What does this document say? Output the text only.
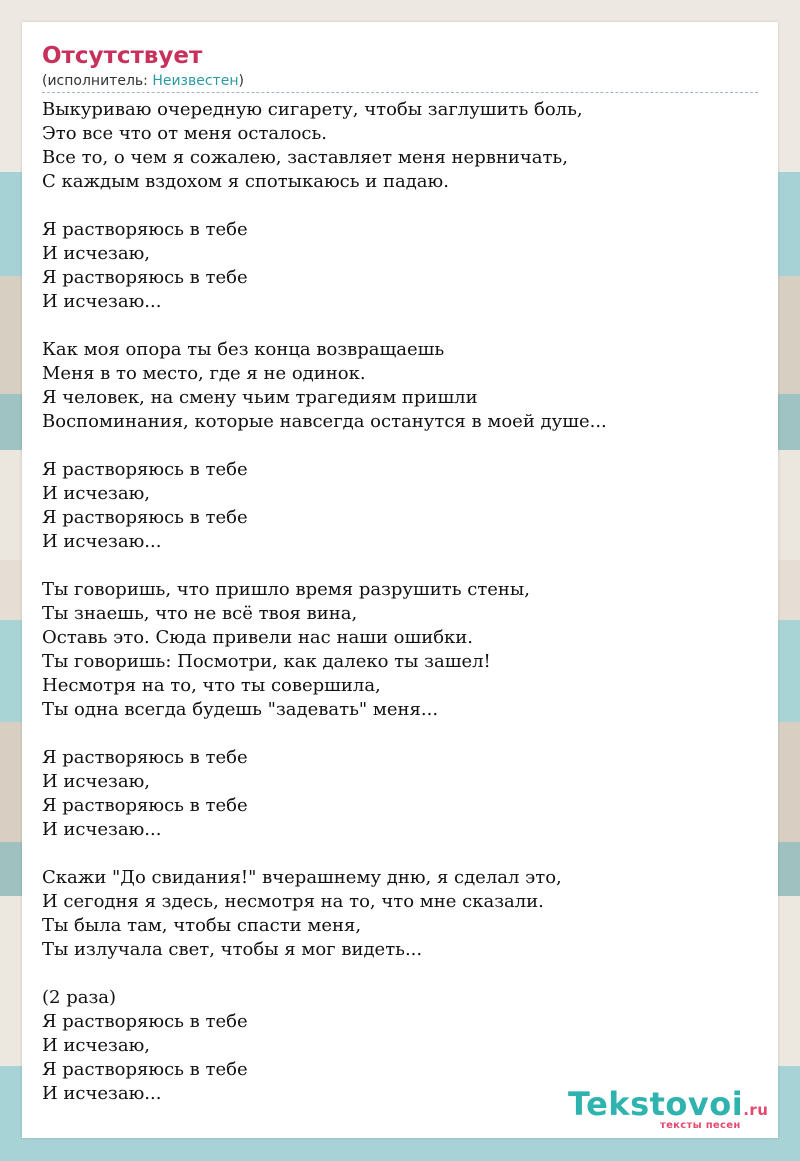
Отсутствует
(исполнитель: Неизвестен)
Выкуриваю очередную сигарету, чтобы заглушить боль,
Это все что от меня осталось.
Все то, о чем я сожалею, заставляет меня нервничать,
С каждым вздохом я спотыкаюсь и падаю.
Я растворяюсь в тебе
И исчезаю,
Я растворяюсь в тебе
И исчезаю...
Как моя опора ты без конца возвращаешь
Меня в то место, где я не одинок.
Я человек, на смену чьим трагедиям пришли
Воспоминания, которые навсегда останутся в моей душе...
Я растворяюсь в тебе
И исчезаю,
Я растворяюсь в тебе
И исчезаю...
Ты говоришь, что пришло время разрушить стены,
Ты знаешь, что не всё твоя вина,
Оставь это. Сюда привели нас наши ошибки.
Ты говоришь: Посмотри, как далеко ты зашел!
Несмотря на то, что ты совершила,
Ты одна всегда будешь "задевать" меня...
Я растворяюсь в тебе
И исчезаю,
Я растворяюсь в тебе
И исчезаю...
Скажи "До свидания!" вчерашнему дню, я сделал это,
И сегодня я здесь, несмотря на то, что мне сказали.
Ты была там, чтобы спасти меня,
Ты излучала свет, чтобы я мог видеть...
(2 раза)
Я растворяюсь в тебе
И исчезаю,
Я растворяюсь в тебе
И исчезаю...	Tekstovoi.ru
тексты песен
